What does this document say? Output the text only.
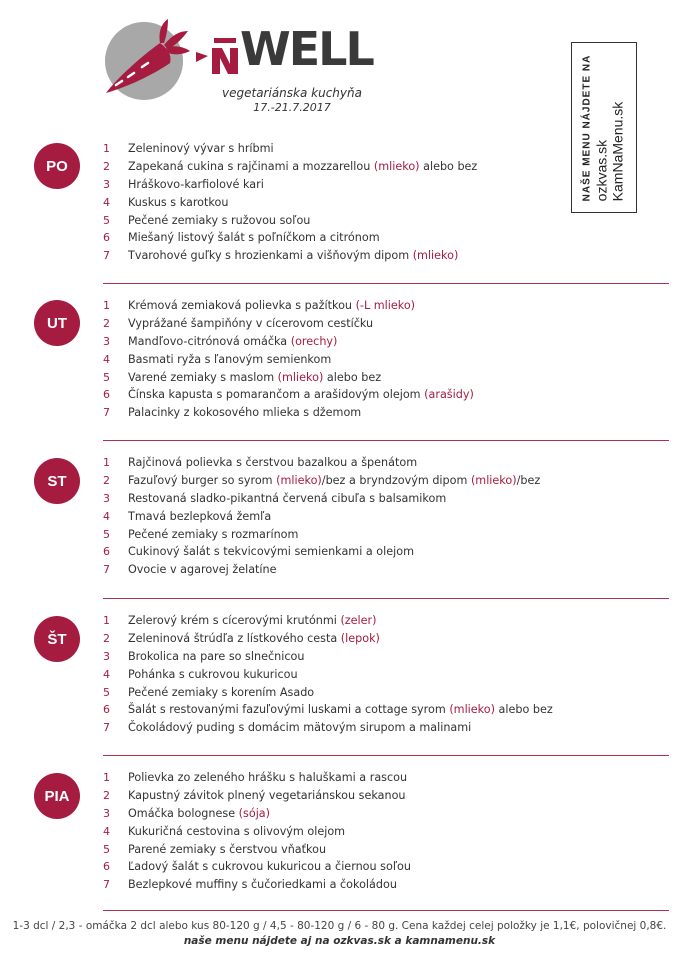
WELL
vegetariánska kuchyňa
17.-21.7.2017	NAŠE MENU NÁJDETE NA ozkvas.sk KamNaMenu.sk
PO
1	Zeleninový vývar s hríbmi
2	Zapekaná cukina s rajčinami a mozzarellou (mlieko) alebo bez
3	Hráškovo-karfiolové kari
4	Kuskus s karotkou
5	Pečené zemiaky s ružovou soľou
6	Miešaný listový šalát s poľníčkom a citrónom
7	Tvarohové guľky s hrozienkami a višňovým dipom (mlieko)
UT
1	Krémová zemiaková polievka s pažítkou (-L mlieko)
2	Vyprážané šampiňóny v cícerovom cestíčku
3	Mandľovo-citrónová omáčka (orechy)
4	Basmati ryža s ľanovým semienkom
5	Varené zemiaky s maslom (mlieko) alebo bez
6	Čínska kapusta s pomarančom a arašidovým olejom (arašidy)
7	Palacinky z kokosového mlieka s džemom
ST
1	Rajčinová polievka s čerstvou bazalkou a špenátom
2	Fazuľový burger so syrom (mlieko) /bez a bryndzovým dipom (mlieko) /bez
3	Restovaná sladko-pikantná červená cibuľa s balsamikom
4	Tmavá bezlepková žemľa
5	Pečené zemiaky s rozmarínom
6	Cukinový šalát s tekvicovými semienkami a olejom
7	Ovocie v agarovej želatíne
ŠT
1	Zelerový krém s cícerovými krutónmi (zeler)
2	Zeleninová štrúdľa z lístkového cesta (lepok)
3	Brokolica na pare so slnečnicou
4	Pohánka s cukrovou kukuricou
5	Pečené zemiaky s korením Asado
6	Šalát s restovanými fazuľovými luskami a cottage syrom (mlieko) alebo bez
7	Čokoládový puding s domácim mätovým sirupom a malinami
PIA
1	Polievka zo zeleného hrášku s haluškami a rascou
2	Kapustný závitok plnený vegetariánskou sekanou
3	Omáčka bolognese (sója)
4	Kukuričná cestovina s olivovým olejom
5	Parené zemiaky s čerstvou vňaťkou
6	Ľadový šalát s cukrovou kukuricou a čiernou soľou
7	Bezlepkové muffiny s čučoriedkami a čokoládou
1-3 dcl / 2,3 - omáčka 2 dcl alebo kus 80-120 g / 4,5 - 80-120 g / 6 - 80 g. Cena každej celej položky je 1,1€, polovičnej 0,8€.
naše menu nájdete aj na ozkvas.sk a kamnamenu.sk
